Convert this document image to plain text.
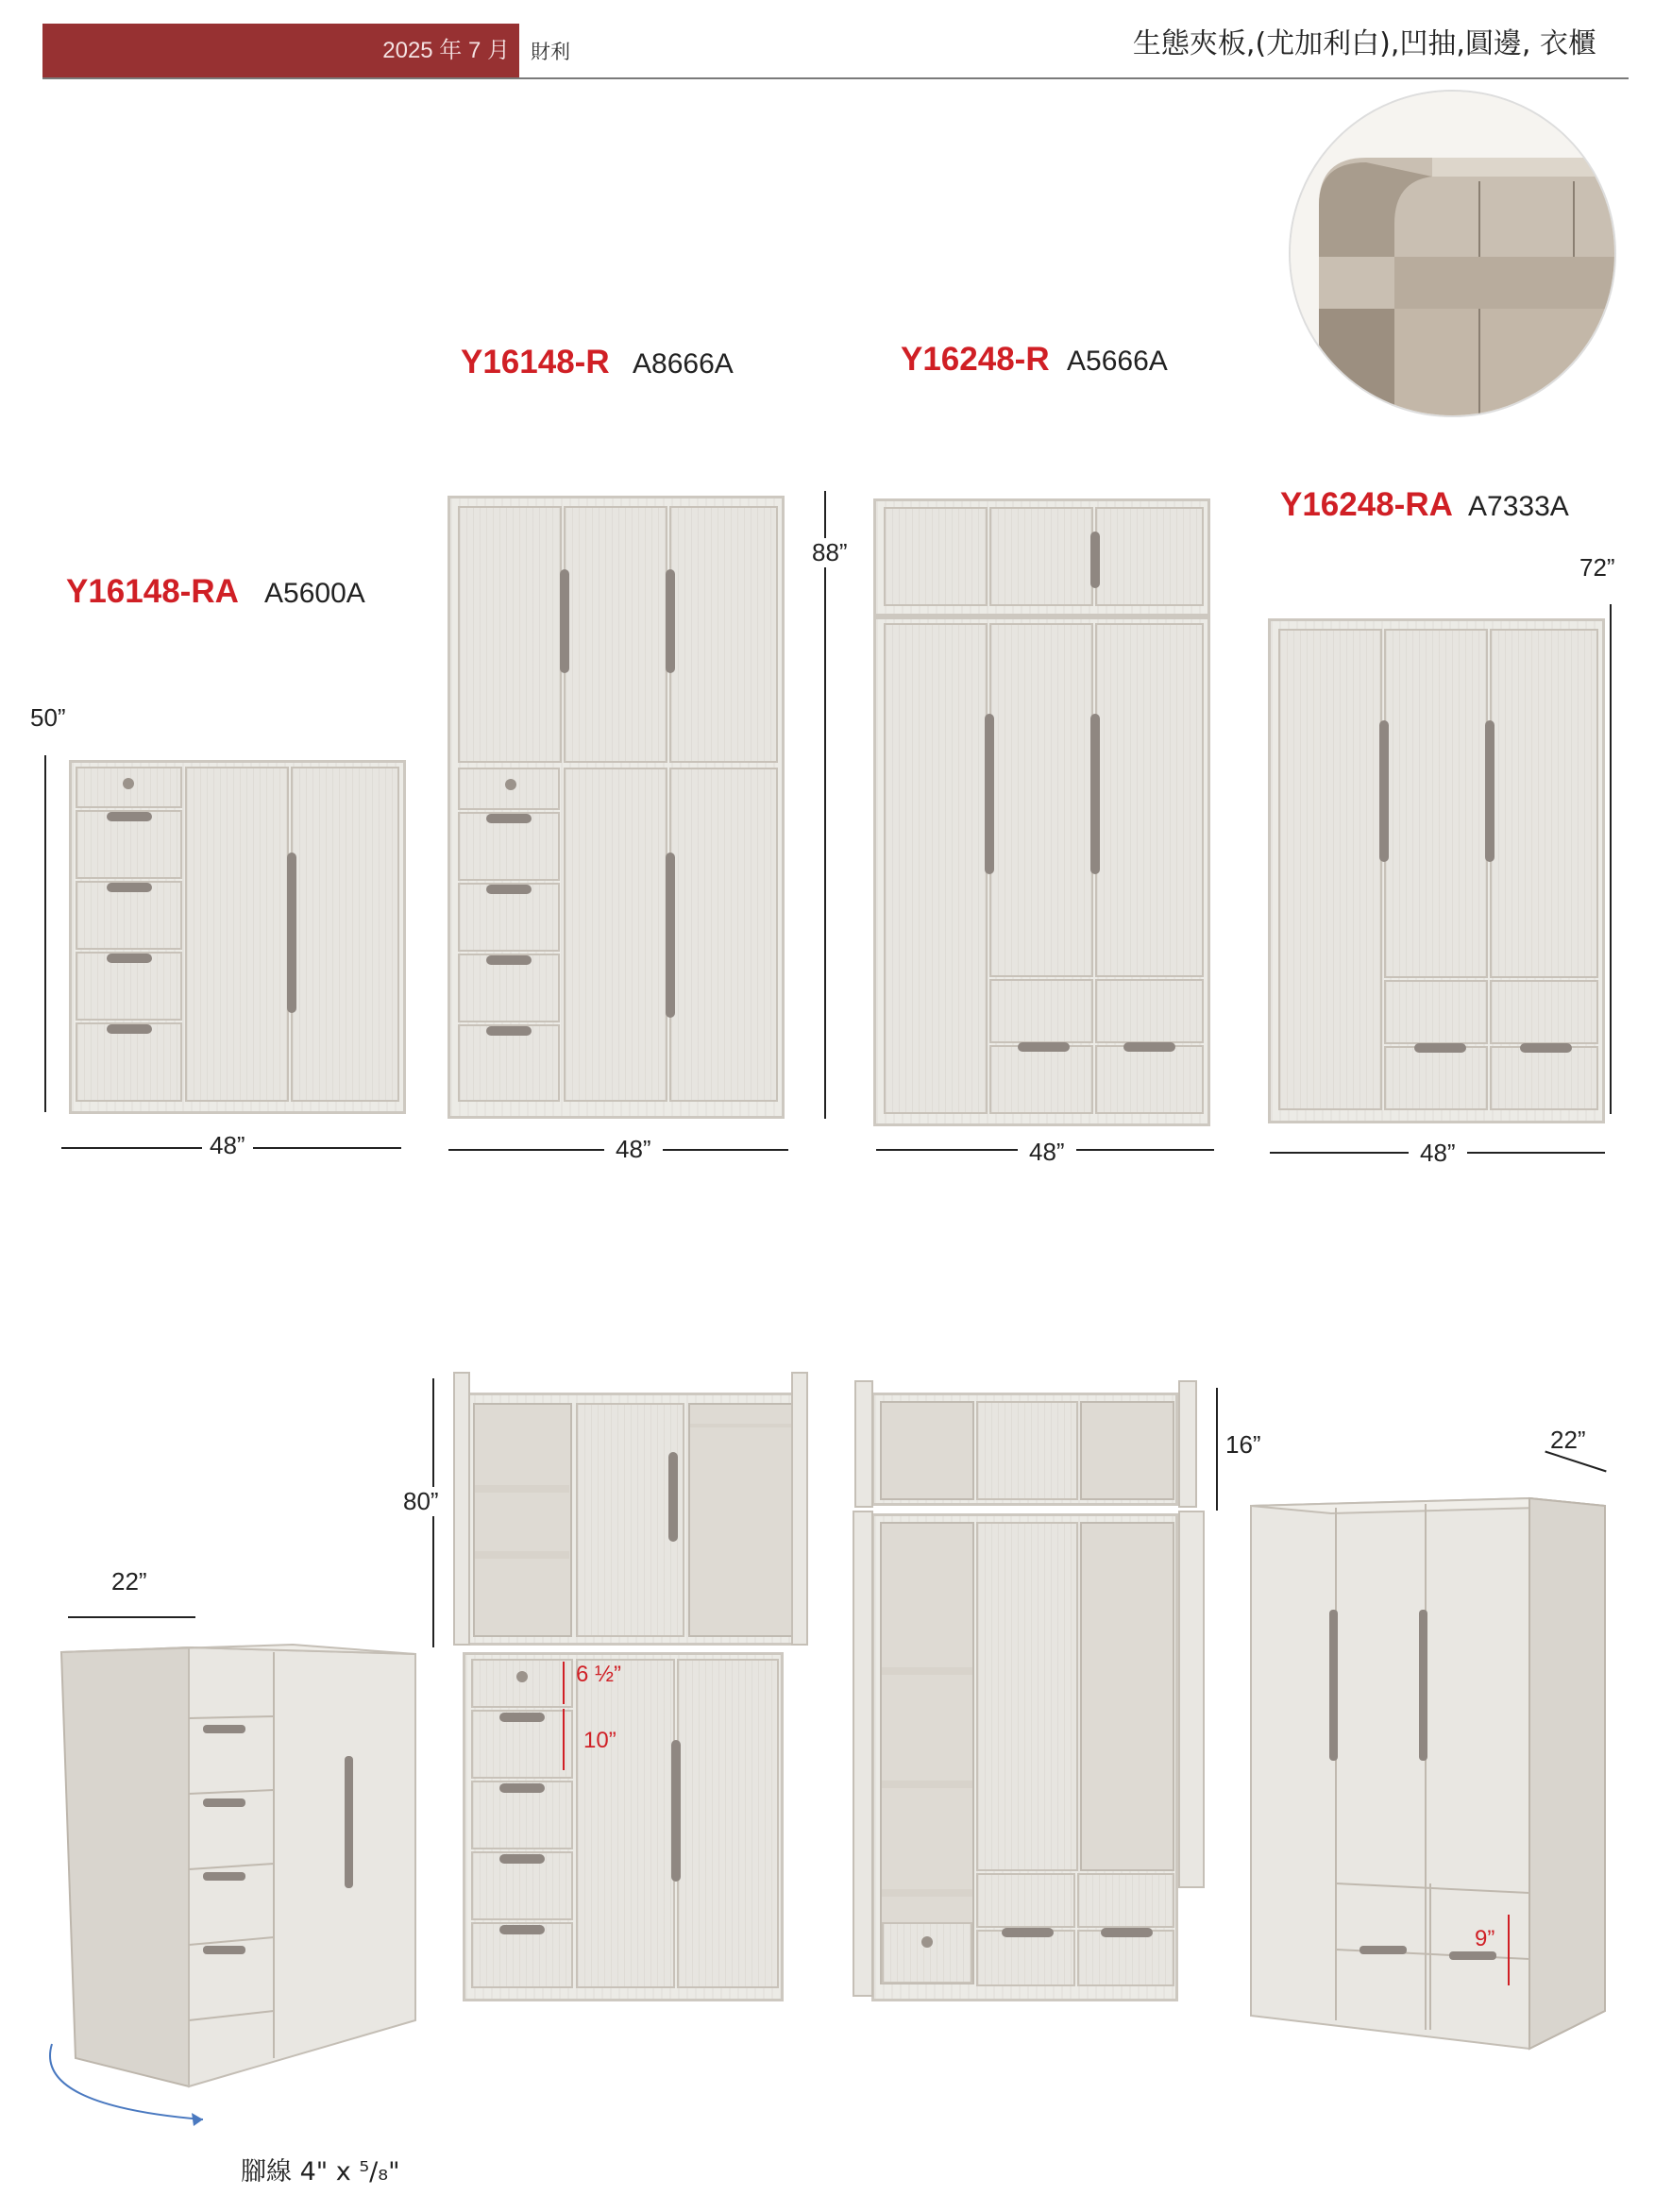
2025 年 7 月 財利	生態夾板,(尤加利白),凹抽,圓邊, 衣櫃
Y16148-RA A5600A
Y16148-R A8666A	Y16248-R A5666A
Y16248-RA A7333A
50”
48”
88”
48”	48”
72”
48”
22”
腳線 4" x ⁵/₈"
80”
6 ½”
10”
16”	22”
9”
